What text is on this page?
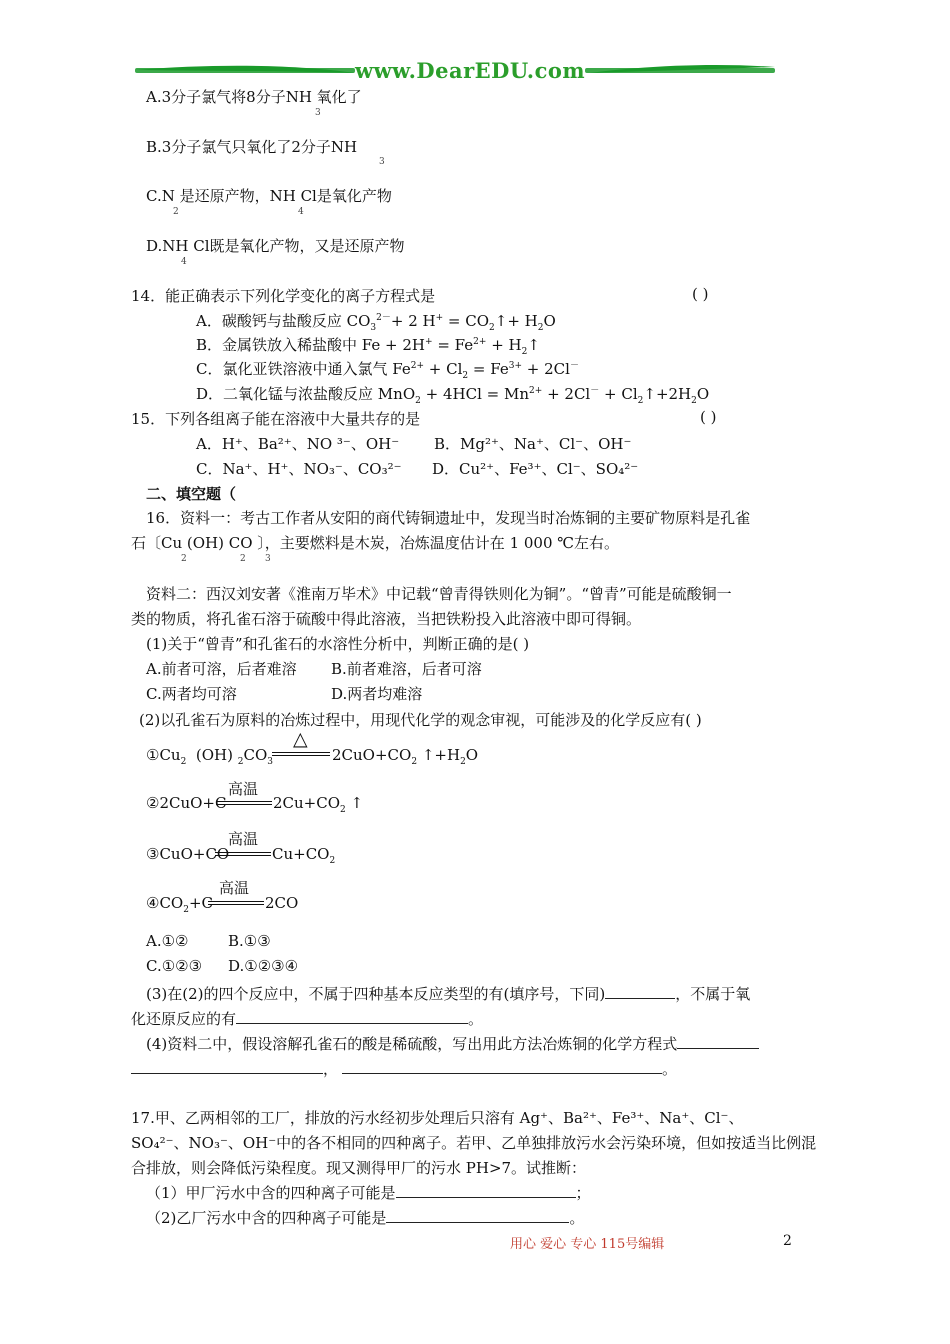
www.DearEDU.com
A.3分子氯气将8分子NH 氧化了
3
B.3分子氯气只氧化了2分子NH
3
C.N 是还原产物，NH Cl是氧化产物
2	4
D.NH Cl既是氧化产物，又是还原产物
4
14．能正确表示下列化学变化的离子方程式是	( )
A．碳酸钙与盐酸反应 $CO_3^{2-}+ 2$ $H^+ = CO_2↑+ H_2O$
B．金属铁放入稀盐酸中 $Fe + 2H^+ = Fe^{2+}$ + $H_2↑$
C．氯化亚铁溶液中通入氯气 $Fe^{2+} + Cl_2 = Fe^{3+} + 2Cl^-$
D．二氧化锰与浓盐酸反应 $MnO_2 + 4HCl = Mn^{2+} + 2Cl^-$ + $Cl_2↑+2H_2O$
15．下列各组离子能在溶液中大量共存的是	( )
A．H⁺、Ba²⁺、NO ³⁻、OH⁻ B．Mg²⁺、Na⁺、Cl⁻、OH⁻
C．Na⁺、H⁺、NO₃⁻、CO₃²⁻ D．Cu²⁺、Fe³⁺、Cl⁻、SO₄²⁻
二、填空题（
16．资料一：考古工作者从安阳的商代铸铜遗址中，发现当时冶炼铜的主要矿物原料是孔雀
石〔Cu (OH) CO 〕，主要燃料是木炭，冶炼温度估计在 1 000 ℃左右。
2	2 3
资料二：西汉刘安著《淮南万毕术》中记载“曾青得铁则化为铜”。“曾青”可能是硫酸铜一
类的物质，将孔雀石溶于硫酸中得此溶液，当把铁粉投入此溶液中即可得铜。
(1)关于“曾青”和孔雀石的水溶性分析中，判断正确的是( )
A.前者可溶，后者难溶 B.前者难溶，后者可溶
C.两者均可溶	D.两者均难溶
(2)以孔雀石为原料的冶炼过程中，用现代化学的观念审视，可能涉及的化学反应有( )
$①Cu_2$ (OH) $_2CO_3$
△
$2CuO+CO_2$ $↑+H_2O$
高温
②2CuO+C	$2Cu+CO_2$ ↑
高温
③CuO+CO	$Cu+CO_2$
高温
$④CO_2+C$	2CO
A.①②	B.①③
C.①②③ D.①②③④
(3)在(2)的四个反应中，不属于四种基本反应类型的有(填序号，下同)	，不属于氧
化还原反应的有	。
(4)资料二中，假设溶解孔雀石的酸是稀硫酸，写出用此方法冶炼铜的化学方程式
，	。
17.甲、乙两相邻的工厂，排放的污水经初步处理后只溶有 Ag⁺、Ba²⁺、Fe³⁺、Na⁺、Cl⁻、
SO₄²⁻、NO₃⁻、OH⁻中的各不相同的四种离子。若甲、乙单独排放污水会污染环境，但如按适当比例混
合排放，则会降低污染程度。现又测得甲厂的污水 PH>7。试推断：
（1）甲厂污水中含的四种离子可能是	；
（2)乙厂污水中含的四种离子可能是	。
用心 爱心 专心 115号编辑	2
